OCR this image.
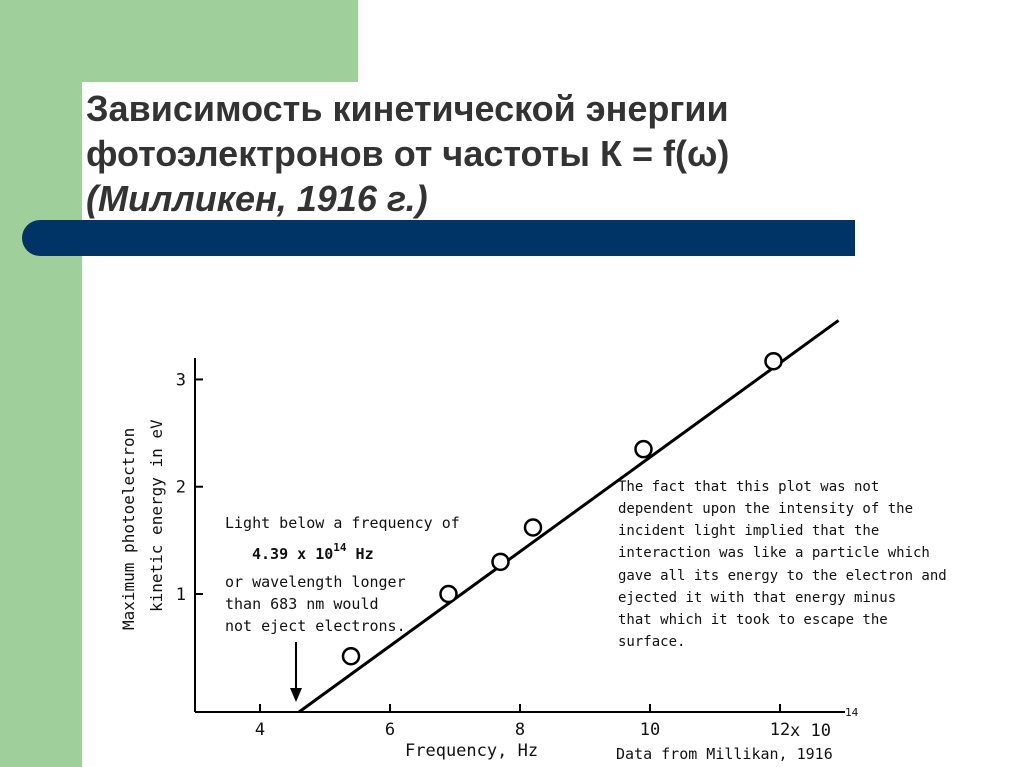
Зависимость кинетической энергии
фотоэлектронов от частоты К = f(ω)
(Милликен, 1916 г.)
4	6	8	10	12
1
2
3
Maximum photoelectron kinetic energy in eV
Frequency, Hz
x 10
14
Data from Millikan, 1916
Light below a frequency of
4.39 x $10^{14}$ Hz
or wavelength longer
than 683 nm would
not eject electrons.
The fact that this plot was not
dependent upon the intensity of the
incident light implied that the
interaction was like a particle which
gave all its energy to the electron and
ejected it with that energy minus
that which it took to escape the
surface.
